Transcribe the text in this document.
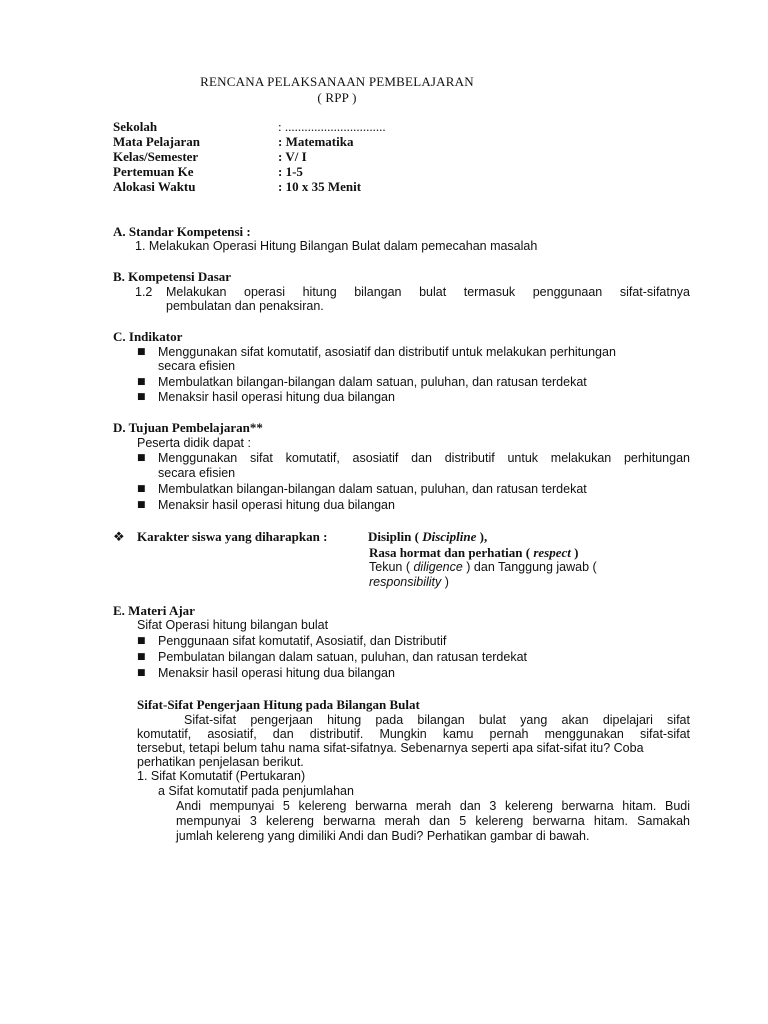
RENCANA PELAKSANAAN PEMBELAJARAN
( RPP )
Sekolah	: ...............................
Mata Pelajaran	: Matematika
Kelas/Semester	: V/ I
Pertemuan Ke	: 1-5
Alokasi Waktu	: 10 x 35 Menit
A. Standar Kompetensi :
1. Melakukan Operasi Hitung Bilangan Bulat dalam pemecahan masalah
B. Kompetensi Dasar
1.2 Melakukan operasi hitung bilangan bulat termasuk penggunaan sifat-sifatnya
pembulatan dan penaksiran.
C. Indikator
■ Menggunakan sifat komutatif, asosiatif dan distributif untuk melakukan perhitungan
secara efisien
■ Membulatkan bilangan-bilangan dalam satuan, puluhan, dan ratusan terdekat
■ Menaksir hasil operasi hitung dua bilangan
D. Tujuan Pembelajaran**
Peserta didik dapat :
■ Menggunakan sifat komutatif, asosiatif dan distributif untuk melakukan perhitungan
secara efisien
■ Membulatkan bilangan-bilangan dalam satuan, puluhan, dan ratusan terdekat
■ Menaksir hasil operasi hitung dua bilangan
❖ Karakter siswa yang diharapkan :	Disiplin ( Discipline ),
Rasa hormat dan perhatian ( respect )
Tekun ( diligence ) dan Tanggung jawab (
responsibility )
E. Materi Ajar
Sifat Operasi hitung bilangan bulat
■ Penggunaan sifat komutatif, Asosiatif, dan Distributif
■ Pembulatan bilangan dalam satuan, puluhan, dan ratusan terdekat
■ Menaksir hasil operasi hitung dua bilangan
Sifat-Sifat Pengerjaan Hitung pada Bilangan Bulat
Sifat-sifat pengerjaan hitung pada bilangan bulat yang akan dipelajari sifat
komutatif, asosiatif, dan distributif. Mungkin kamu pernah menggunakan sifat-sifat
tersebut, tetapi belum tahu nama sifat-sifatnya. Sebenarnya seperti apa sifat-sifat itu? Coba
perhatikan penjelasan berikut.
1. Sifat Komutatif (Pertukaran)
a Sifat komutatif pada penjumlahan
Andi mempunyai 5 kelereng berwarna merah dan 3 kelereng berwarna hitam. Budi
mempunyai 3 kelereng berwarna merah dan 5 kelereng berwarna hitam. Samakah
jumlah kelereng yang dimiliki Andi dan Budi? Perhatikan gambar di bawah.
